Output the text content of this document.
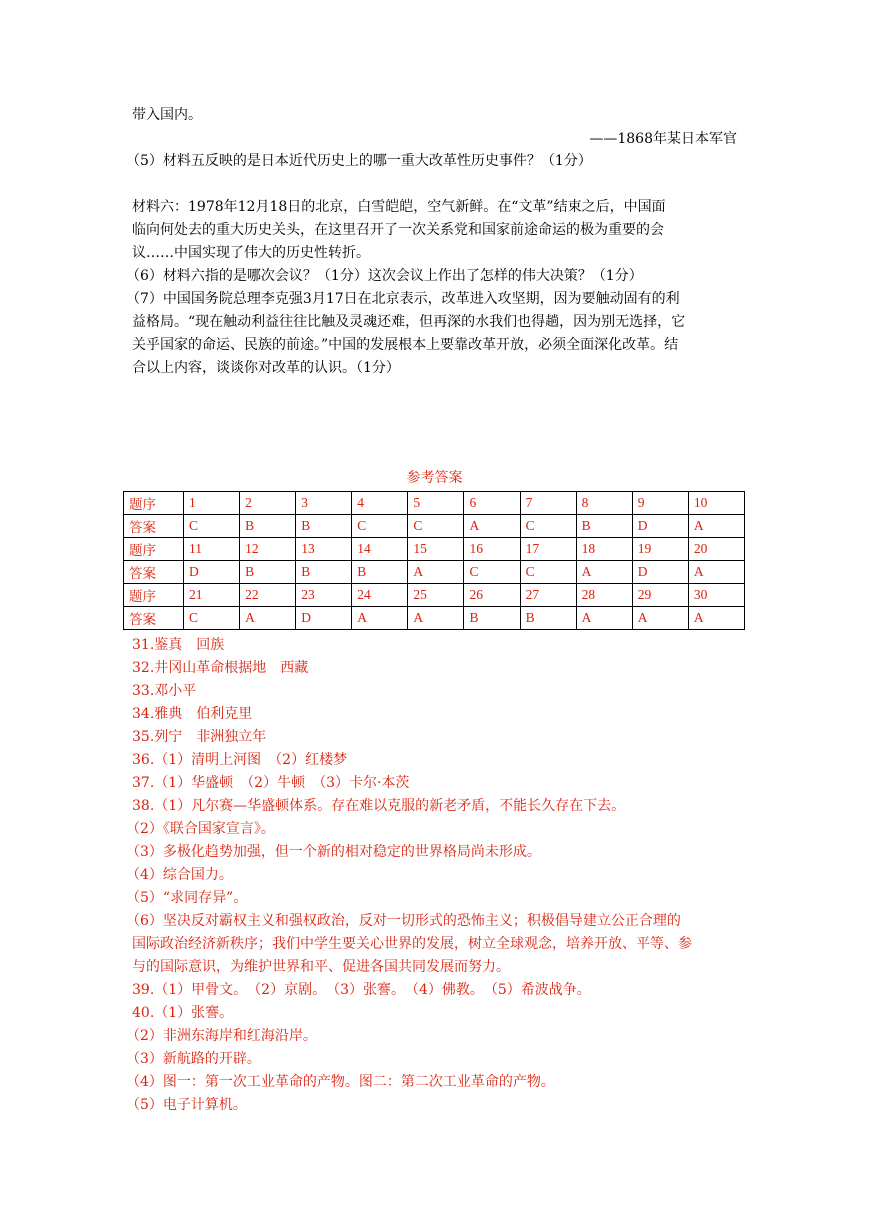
带入国内。
——1868年某日本军官
（5）材料五反映的是日本近代历史上的哪一重大改革性历史事件？（1分）
材料六：1978年12月18日的北京，白雪皑皑，空气新鲜。在“文革”结束之后，中国面
临向何处去的重大历史关头，在这里召开了一次关系党和国家前途命运的极为重要的会
议……中国实现了伟大的历史性转折。
（6）材料六指的是哪次会议？（1分）这次会议上作出了怎样的伟大决策？（1分）
（7）中国国务院总理李克强3月17日在北京表示，改革进入攻坚期，因为要触动固有的利
益格局。“现在触动利益往往比触及灵魂还难，但再深的水我们也得趟，因为别无选择，它
关乎国家的命运、民族的前途。”中国的发展根本上要靠改革开放，必须全面深化改革。结
合以上内容，谈谈你对改革的认识。（1分）
参考答案
题序	1	2	3	4	5	6	7	8	9	10
答案	C	B	B	C	C	A	C	B	D	A
题序	11	12	13	14	15	16	17	18	19	20
答案	D	B	B	B	A	C	C	A	D	A
题序	21	22	23	24	25	26	27	28	29	30
答案	C	A	D	A	A	B	B	A	A	A
31.鉴真　回族
32.井冈山革命根据地　西藏
33.邓小平
34.雅典　伯利克里
35.列宁　非洲独立年
36.（1）清明上河图　（2）红楼梦
37.（1）华盛顿　（2）牛顿　（3）卡尔·本茨
38.（1）凡尔赛—华盛顿体系。存在难以克服的新老矛盾，不能长久存在下去。
（2）《联合国家宣言》。
（3）多极化趋势加强，但一个新的相对稳定的世界格局尚未形成。
（4）综合国力。
（5）“求同存异”。
（6）坚决反对霸权主义和强权政治，反对一切形式的恐怖主义；积极倡导建立公正合理的
国际政治经济新秩序；我们中学生要关心世界的发展，树立全球观念，培养开放、平等、参
与的国际意识，为维护世界和平、促进各国共同发展而努力。
39.（1）甲骨文。　（2）京剧。　（3）张謇。　（4）佛教。　（5）希波战争。
40.（1）张謇。
（2）非洲东海岸和红海沿岸。
（3）新航路的开辟。
（4）图一：第一次工业革命的产物。图二：第二次工业革命的产物。
（5）电子计算机。
